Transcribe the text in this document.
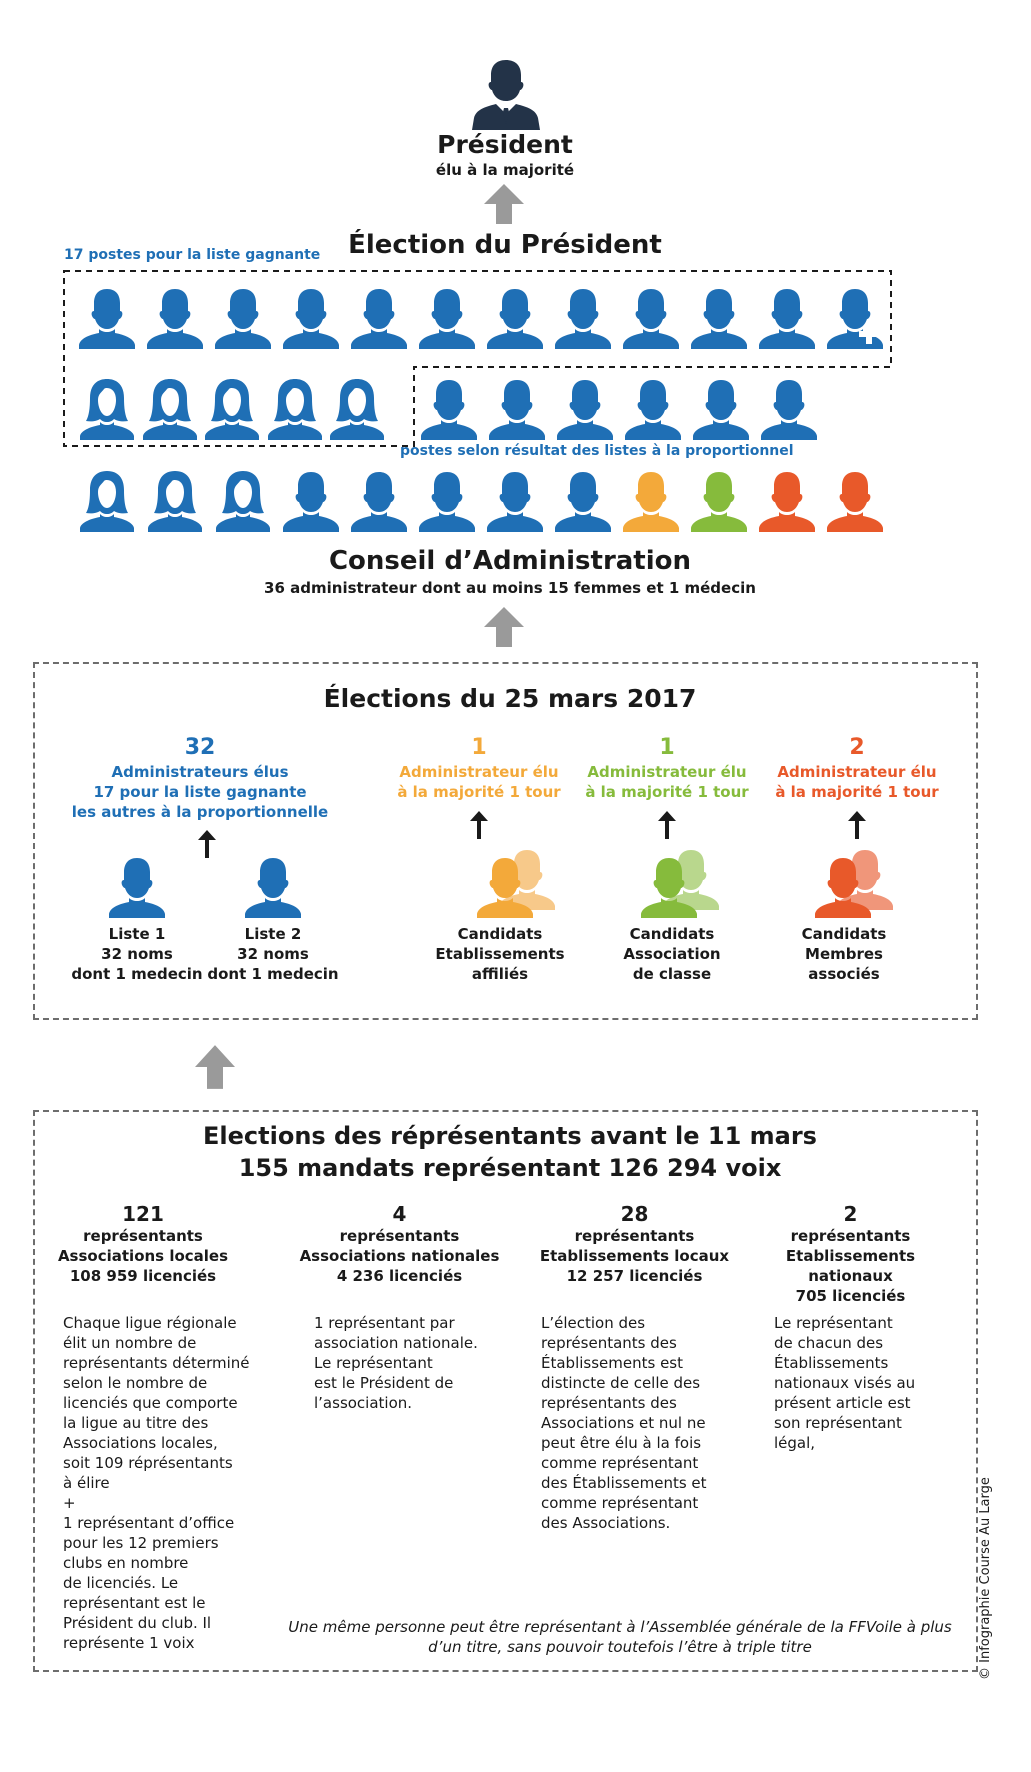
Président
élu à la majorité
Élection du Président
17 postes pour la liste gagnante
postes selon résultat des listes à la proportionnel
Conseil d’Administration
36 administrateur dont au moins 15 femmes et 1 médecin
Élections du 25 mars 2017
32
Administrateurs élus
17 pour la liste gagnante
les autres à la proportionnelle
1
Administrateur élu
à la majorité 1 tour
1
Administrateur élu
à la majorité 1 tour
2
Administrateur élu
à la majorité 1 tour
Liste 1
32 noms
dont 1 medecin
Liste 2
32 noms
dont 1 medecin
Candidats
Etablissements
affiliés
Candidats
Association
de classe
Candidats
Membres
associés
Elections des réprésentants avant le 11 mars
155 mandats représentant 126 294 voix
121
représentants
Associations locales
108 959 licenciés
4
représentants
Associations nationales
4 236 licenciés
28
représentants
Etablissements locaux
12 257 licenciés
2
représentants
Etablissements nationaux
705 licenciés
Chaque ligue régionale
élit un nombre de
représentants déterminé
selon le nombre de
licenciés que comporte
la ligue au titre des
Associations locales,
soit 109 réprésentants
à élire
+
1 représentant d’office
pour les 12 premiers
clubs en nombre
de licenciés. Le
représentant est le
Président du club. Il
représente 1 voix
1 représentant par
association nationale.
Le représentant
est le Président de
l’association.
L’élection des
représentants des
Établissements est
distincte de celle des
représentants des
Associations et nul ne
peut être élu à la fois
comme représentant
des Établissements et
comme représentant
des Associations.
Le représentant
de chacun des
Établissements
nationaux visés au
présent article est
son représentant
légal,
Une même personne peut être représentant à l’Assemblée générale de la FFVoile à plus
d’un titre, sans pouvoir toutefois l’être à triple titre	© Infographie Course Au Large
